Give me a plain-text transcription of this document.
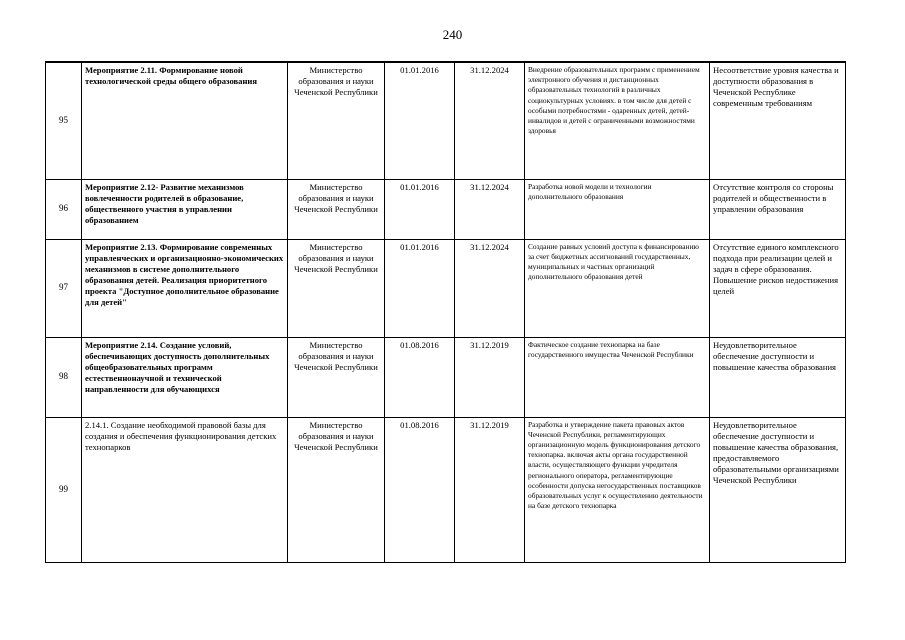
240
95	Мероприятие 2.11. Формирование новой технологической среды общего образования	Министерство образования и науки Чеченской Республики	01.01.2016	31.12.2024	Внедрение образовательных программ с применением электронного обучения и дистанционных образовательных технологий в различных социокультурных условиях. в том числе для детей с особыми потребностями - одаренных детей, детей-инвалидов и детей с ограниченными возможностями здоровья	Несоответствие уровня качества и доступности образования в Чеченской Республике современным требованиям
96	Мероприятие 2.12- Развитие механизмов вовлеченности родителей в образование, общественного участия в управлении образованием	Министерство образования и науки Чеченской Республики	01.01.2016	31.12.2024	Разработка новой модели и технологии дополнительного образования	Отсутствие контроля со стороны родителей и общественности в управлении образования
97	Мероприятие 2.13. Формирование современных управленческих и организационно-экономических механизмов в системе дополнительного образования детей. Реализация приоритетного проекта "Доступное дополнительное образование для детей"	Министерство образования и науки Чеченской Республики	01.01.2016	31.12.2024	Создание равных условий доступа к финансированию за счет бюджетных ассигнований государственных, муниципальных и частных организаций дополнительного образования детей	Отсутствие единого комплексного подхода при реализации целей и задач в сфере образования. Повышение рисков недостижения целей
98	Мероприятие 2.14. Создание условий, обеспечивающих доступность дополнительных общеобразовательных программ естественнонаучной и технической направленности для обучающихся	Министерство образования и науки Чеченской Республики	01.08.2016	31.12.2019	Фактическое создание технопарка на базе государственного имущества Чеченской Республики	Неудовлетворительное обеспечение доступности и повышение качества образования
99	2.14.1. Создание необходимой правовой базы для создания и обеспечения функционирования детских технопарков	Министерство образования и науки Чеченской Республики	01.08.2016	31.12.2019	Разработка и утверждение пакета правовых актов Чеченской Республики, регламентирующих организационную модель функционирования детского технопарка. включая акты органа государственной власти, осуществляющего функции учредителя регионального оператора, регламентирующие особенности допуска негосударственных поставщиков образовательных услуг к осуществлению деятельности на базе детского технопарка	Неудовлетворительное обеспечение доступности и повышение качества образования, предоставляемого образовательными организациями Чеченской Республики
